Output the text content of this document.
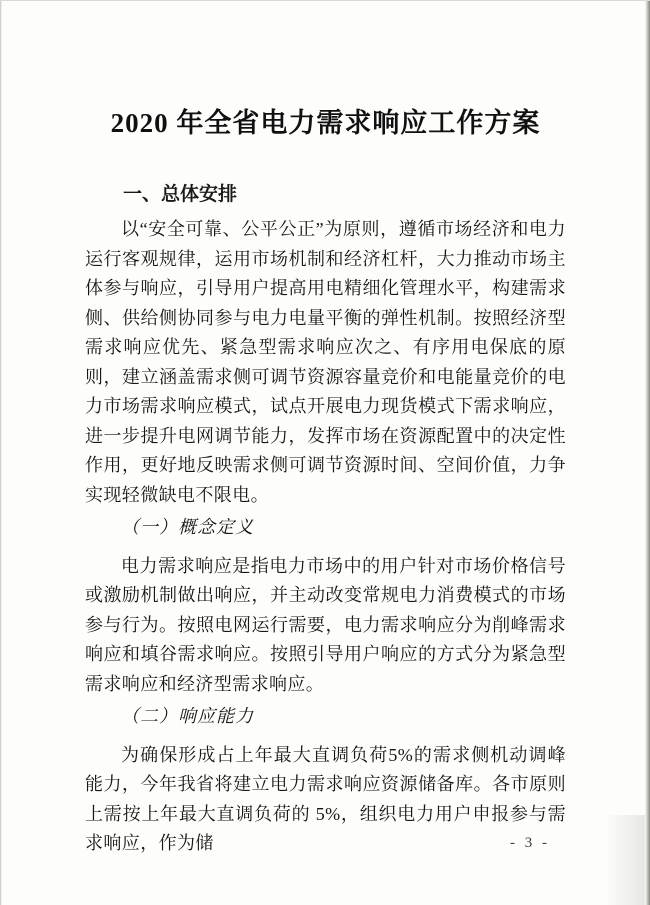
2020 年全省电力需求响应工作方案
一、总体安排

以“安全可靠、公平公正”为原则，遵循市场经济和电力运行客观规律，运用市场机制和经济杠杆，大力推动市场主体参与响应，引导用户提高用电精细化管理水平，构建需求侧、供给侧协同参与电力电量平衡的弹性机制。按照经济型需求响应优先、紧急型需求响应次之、有序用电保底的原则，建立涵盖需求侧可调节资源容量竞价和电能量竞价的电力市场需求响应模式，试点开展电力现货模式下需求响应，进一步提升电网调节能力，发挥市场在资源配置中的决定性作用，更好地反映需求侧可调节资源时间、空间价值，力争实现轻微缺电不限电。

（一）概念定义

电力需求响应是指电力市场中的用户针对市场价格信号或激励机制做出响应，并主动改变常规电力消费模式的市场参与行为。按照电网运行需要，电力需求响应分为削峰需求响应和填谷需求响应。按照引导用户响应的方式分为紧急型需求响应和经济型需求响应。

（二）响应能力

为确保形成占上年最大直调负荷5%的需求侧机动调峰能力，今年我省将建立电力需求响应资源储备库。各市原则上需按上年最大直调负荷的 5%，组织电力用户申报参与需求响应，作为储	- 3 -
